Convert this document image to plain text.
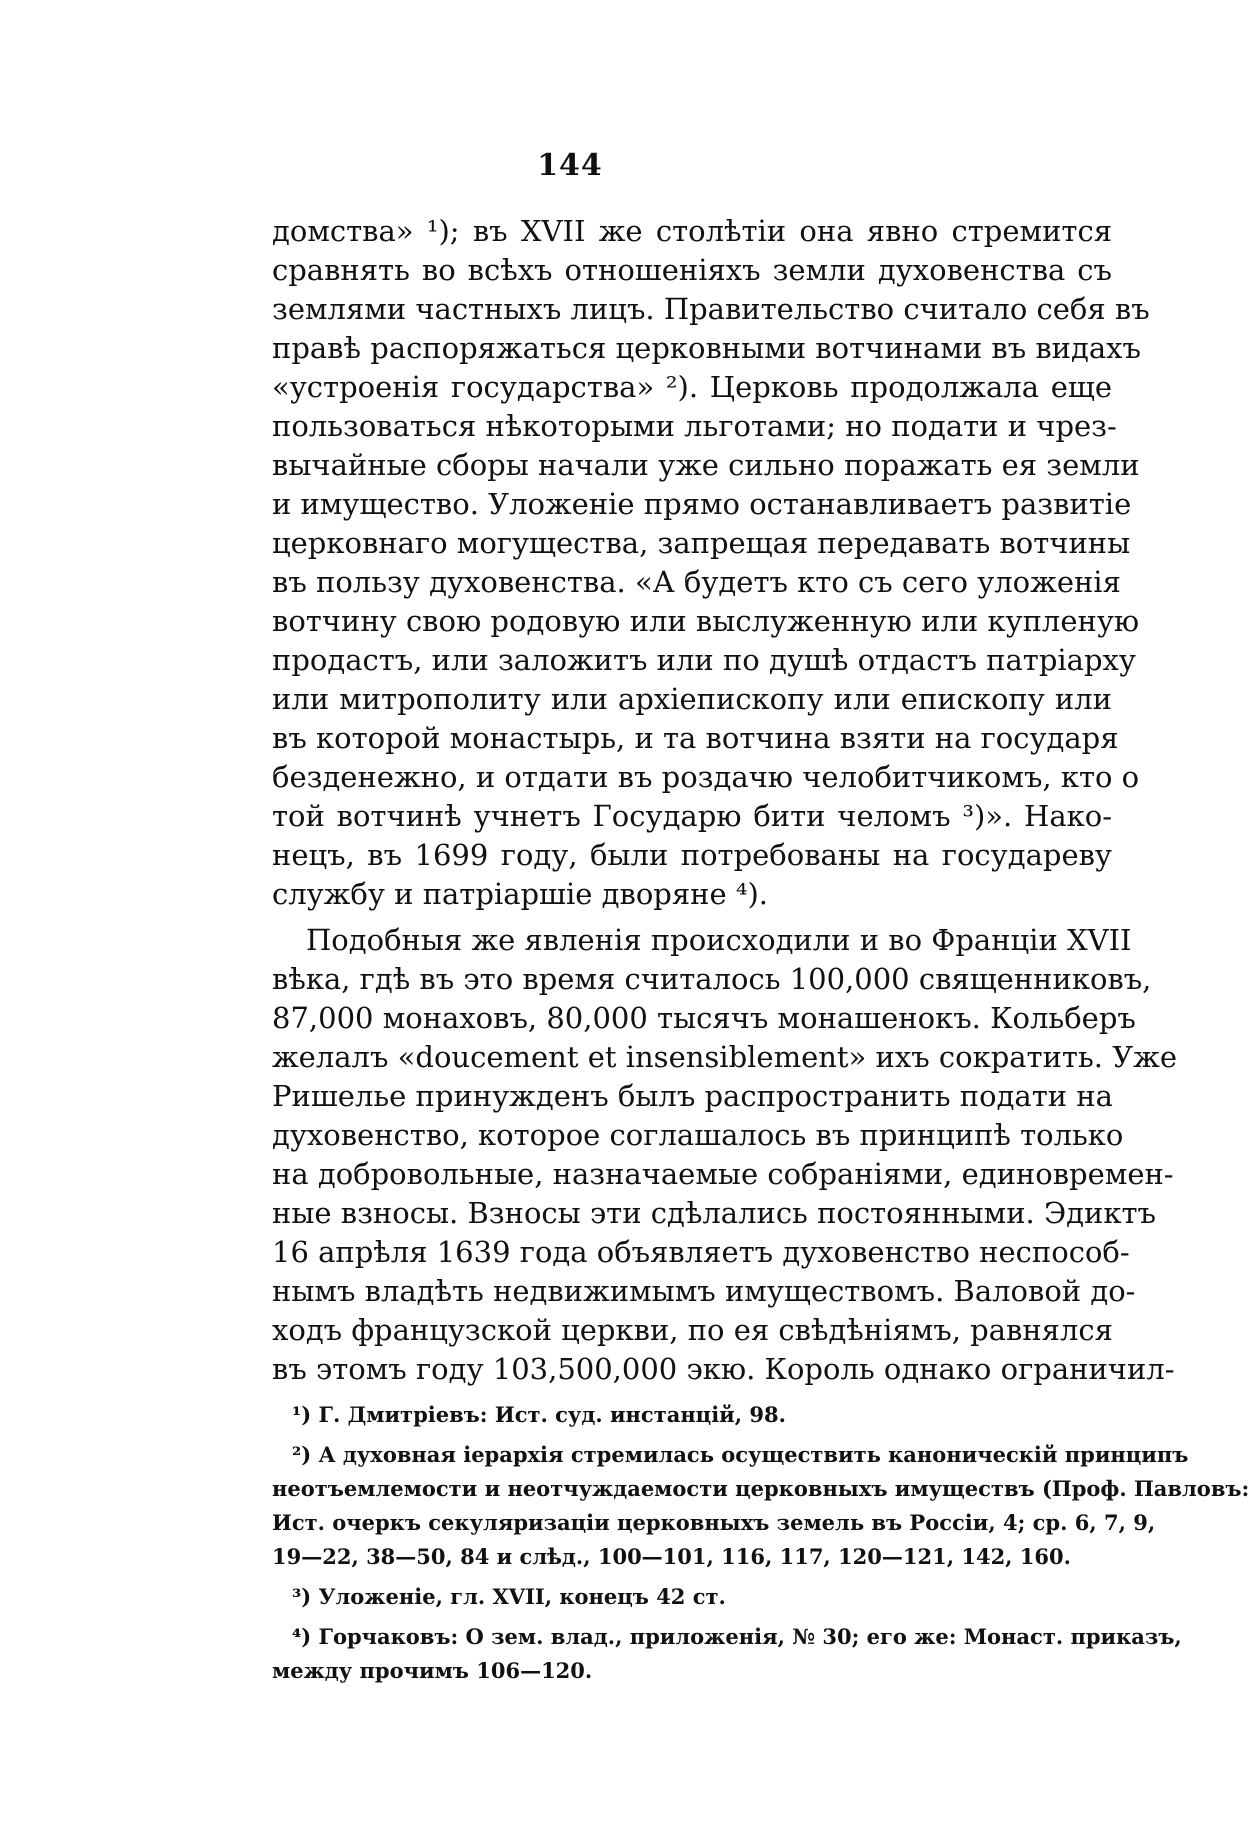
144
домства» ¹); въ XVII же столѣтіи она явно стремится
сравнять во всѣхъ отношеніяхъ земли духовенства съ
землями частныхъ лицъ. Правительство считало себя въ
правѣ распоряжаться церковными вотчинами въ видахъ
«устроенія государства» ²). Церковь продолжала еще
пользоваться нѣкоторыми льготами; но подати и чрез-
вычайные сборы начали уже сильно поражать ея земли
и имущество. Уложеніе прямо останавливаетъ развитіе
церковнаго могущества, запрещая передавать вотчины
въ пользу духовенства. «А будетъ кто съ сего уложенія
вотчину свою родовую или выслуженную или купленую
продастъ, или заложитъ или по душѣ отдастъ патріарху
или митрополиту или архіепископу или епископу или
въ которой монастырь, и та вотчина взяти на государя
безденежно, и отдати въ роздачю челобитчикомъ, кто о
той вотчинѣ учнетъ Государю бити челомъ ³)». Нако-
нецъ, въ 1699 году, были потребованы на государеву
службу и патріаршіе дворяне ⁴).
Подобныя же явленія происходили и во Франціи XVII
вѣка, гдѣ въ это время считалось 100,000 священниковъ,
87,000 монаховъ, 80,000 тысячъ монашенокъ. Кольберъ
желалъ «doucement et insensiblement» ихъ сократить. Уже
Ришелье принужденъ былъ распространить подати на
духовенство, которое соглашалось въ принципѣ только
на добровольные, назначаемые собраніями, единовремен-
ные взносы. Взносы эти сдѣлались постоянными. Эдиктъ
16 апрѣля 1639 года объявляетъ духовенство неспособ-
нымъ владѣть недвижимымъ имуществомъ. Валовой до-
ходъ французской церкви, по ея свѣдѣніямъ, равнялся
въ этомъ году 103,500,000 экю. Король однако ограничил-
¹) Г. Дмитріевъ: Ист. суд. инстанцій, 98.
²) А духовная іерархія стремилась осуществить каноническій принципъ
неотъемлемости и неотчуждаемости церковныхъ имуществъ (Проф. Павловъ:
Ист. очеркъ секуляризаціи церковныхъ земель въ Россіи, 4; ср. 6, 7, 9,
19—22, 38—50, 84 и слѣд., 100—101, 116, 117, 120—121, 142, 160.
³) Уложеніе, гл. XVII, конецъ 42 ст.
⁴) Горчаковъ: О зем. влад., приложенія, № 30; его же: Монаст. приказъ,
между прочимъ 106—120.
